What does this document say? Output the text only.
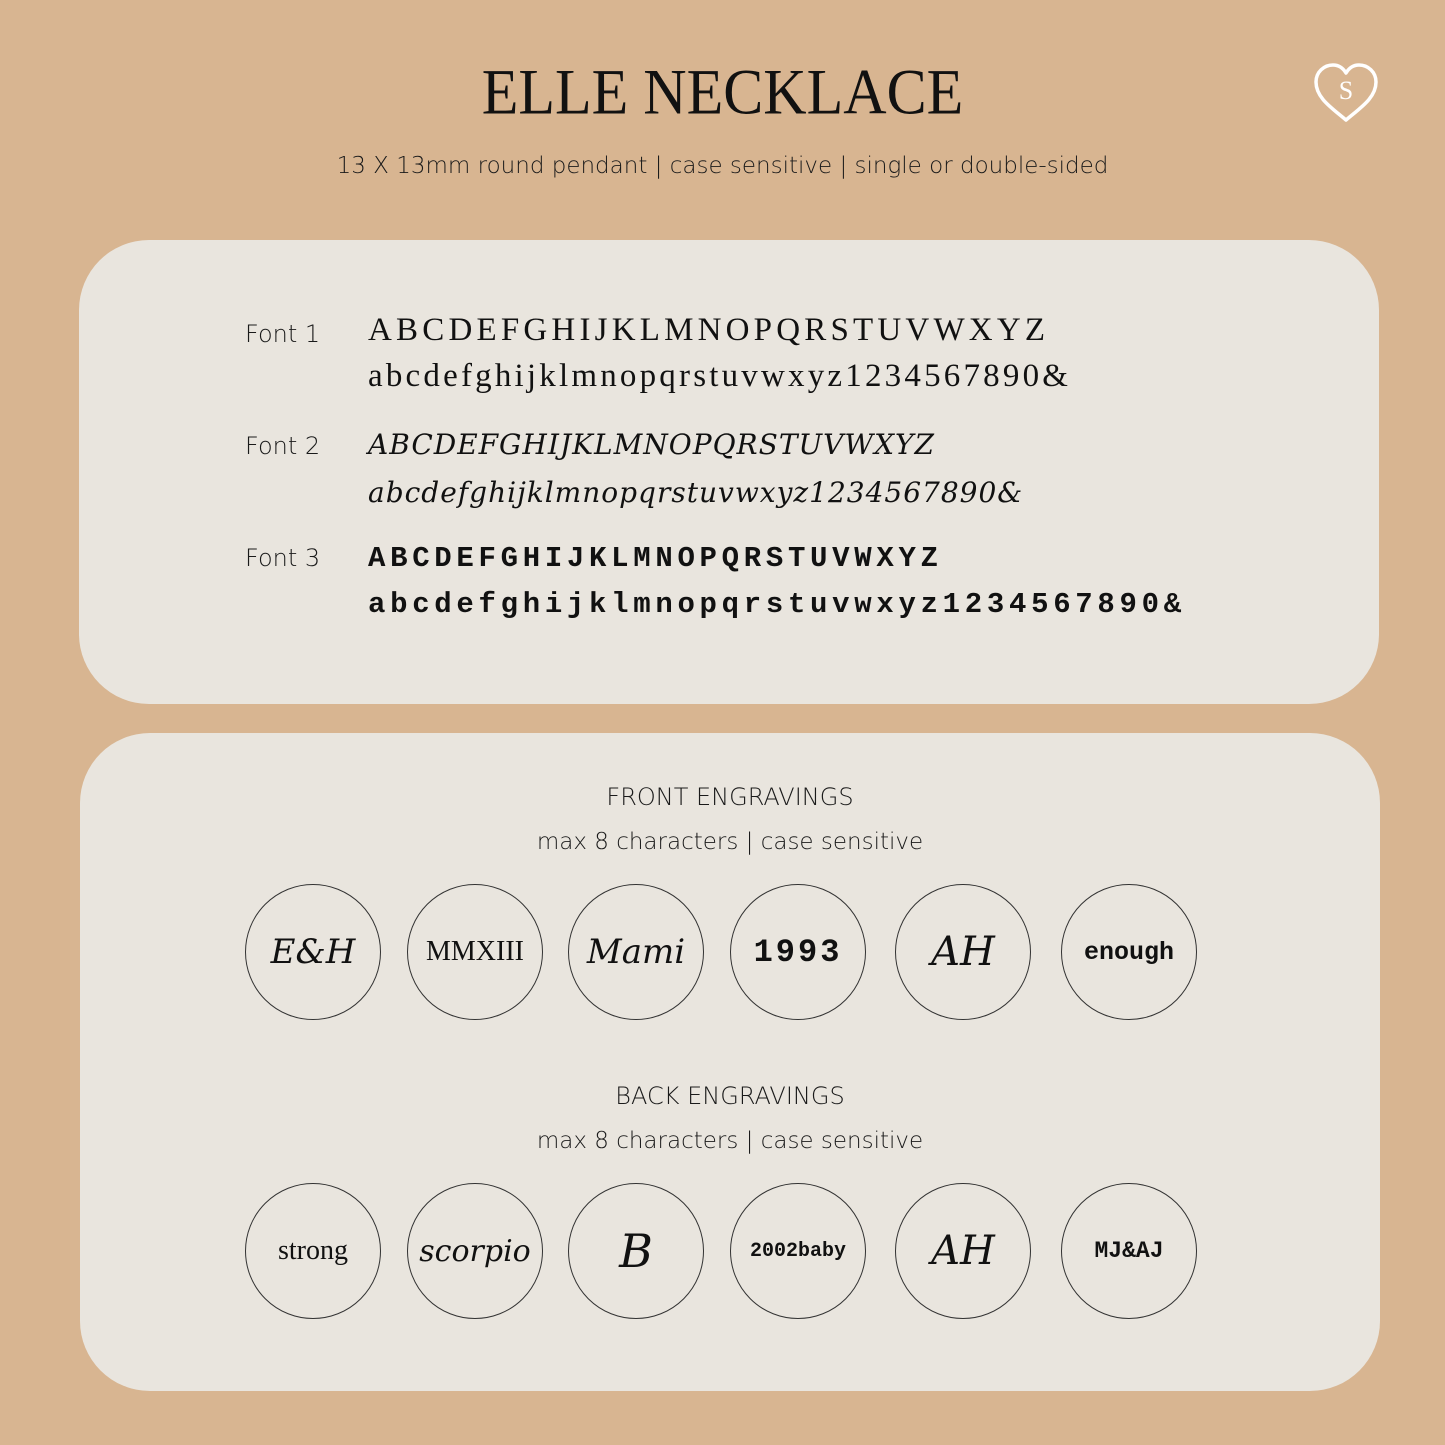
ELLE NECKLACE
13 X 13mm round pendant | case sensitive | single or double-sided
S
Font 1 ABCDEFGHIJKLMNOPQRSTUVWXYZ
abcdefghijklmnopqrstuvwxyz1234567890&
Font 2 ABCDEFGHIJKLMNOPQRSTUVWXYZ
abcdefghijklmnopqrstuvwxyz1234567890&
Font 3 ABCDEFGHIJKLMNOPQRSTUVWXYZ
abcdefghijklmnopqrstuvwxyz1234567890&
FRONT ENGRAVINGS
max 8 characters | case sensitive
E&H	MMXIII	Mami	1993	AH	enough
BACK ENGRAVINGS
max 8 characters | case sensitive
strong	scorpio	B	2002baby	AH	MJ&AJ
